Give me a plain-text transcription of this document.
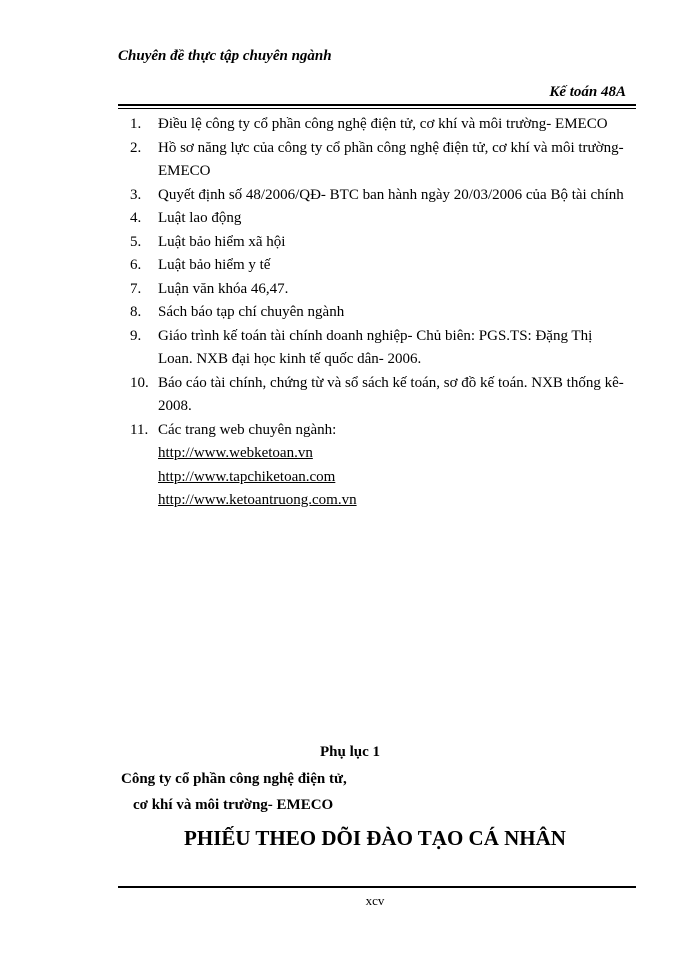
Chuyên đề thực tập chuyên ngành
Kế toán 48A
1.	Điều lệ công ty cổ phần công nghệ điện tử, cơ khí và môi trường- EMECO
2.	Hồ sơ năng lực của công ty cổ phần công nghệ điện tử, cơ khí và môi trường- EMECO
3.	Quyết định số 48/2006/QĐ- BTC ban hành ngày 20/03/2006 của Bộ tài chính
4.	Luật lao động
5.	Luật bảo hiểm xã hội
6.	Luật bảo hiểm y tế
7.	Luận văn khóa 46,47.
8.	Sách báo tạp chí chuyên ngành
9.	Giáo trình kế toán tài chính doanh nghiệp- Chủ biên: PGS.TS: Đặng Thị Loan. NXB đại học kinh tế quốc dân- 2006.
10. Báo cáo tài chính, chứng từ và sổ sách kế toán, sơ đồ kế toán. NXB thống kê- 2008.
11. Các trang web chuyên ngành:
http://www.webketoan.vn
http://www.tapchiketoan.com
http://www.ketoantruong.com.vn
Phụ lục 1
Công ty cổ phần công nghệ điện tử,
cơ khí và môi trường- EMECO
PHIẾU THEO DÕI ĐÀO TẠO CÁ NHÂN
xcv
